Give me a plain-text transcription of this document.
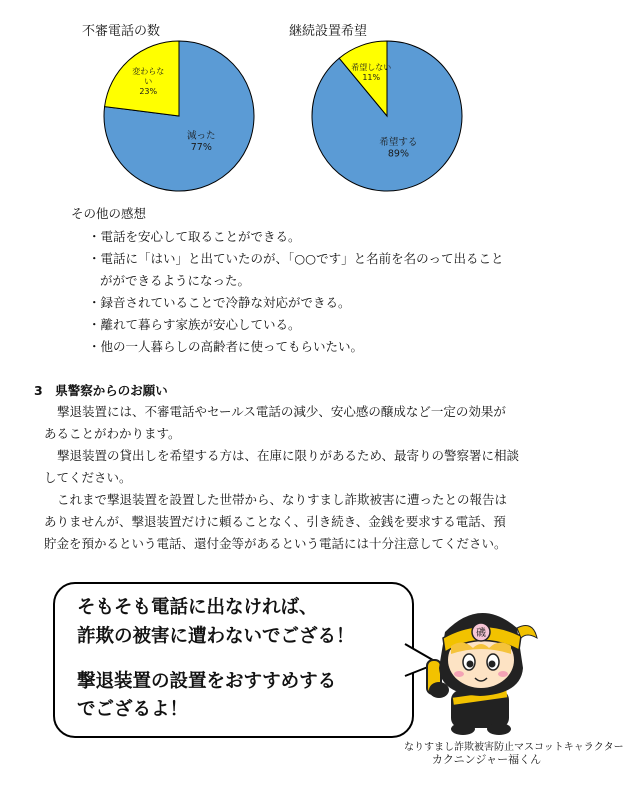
不審電話の数	継続設置希望
減った
77%
変わらな
い
23%
希望する
89%
希望しない
11%
その他の感想
・電話を安心して取ることができる。
・電話に「はい」と出ていたのが、「○○です」と名前を名のって出ること
がができるようになった。
・録音されていることで冷静な対応ができる。
・離れて暮らす家族が安心している。
・他の一人暮らしの高齢者に使ってもらいたい。
3　県警察からのお願い
撃退装置には、不審電話やセールス電話の減少、安心感の醸成など一定の効果が
あることがわかります。
撃退装置の貸出しを希望する方は、在庫に限りがあるため、最寄りの警察署に相談
してください。
これまで撃退装置を設置した世帯から、なりすまし詐欺被害に遭ったとの報告は
ありませんが、撃退装置だけに頼ることなく、引き続き、金銭を要求する電話、預
貯金を預かるという電話、還付金等があるという電話には十分注意してください。
そもそも電話に出なければ、
詐欺の被害に遭わないでござる！
撃退装置の設置をおすすめする
でござるよ！
磯
なりすまし詐欺被害防止マスコットキャラクター
カクニンジャー福くん
